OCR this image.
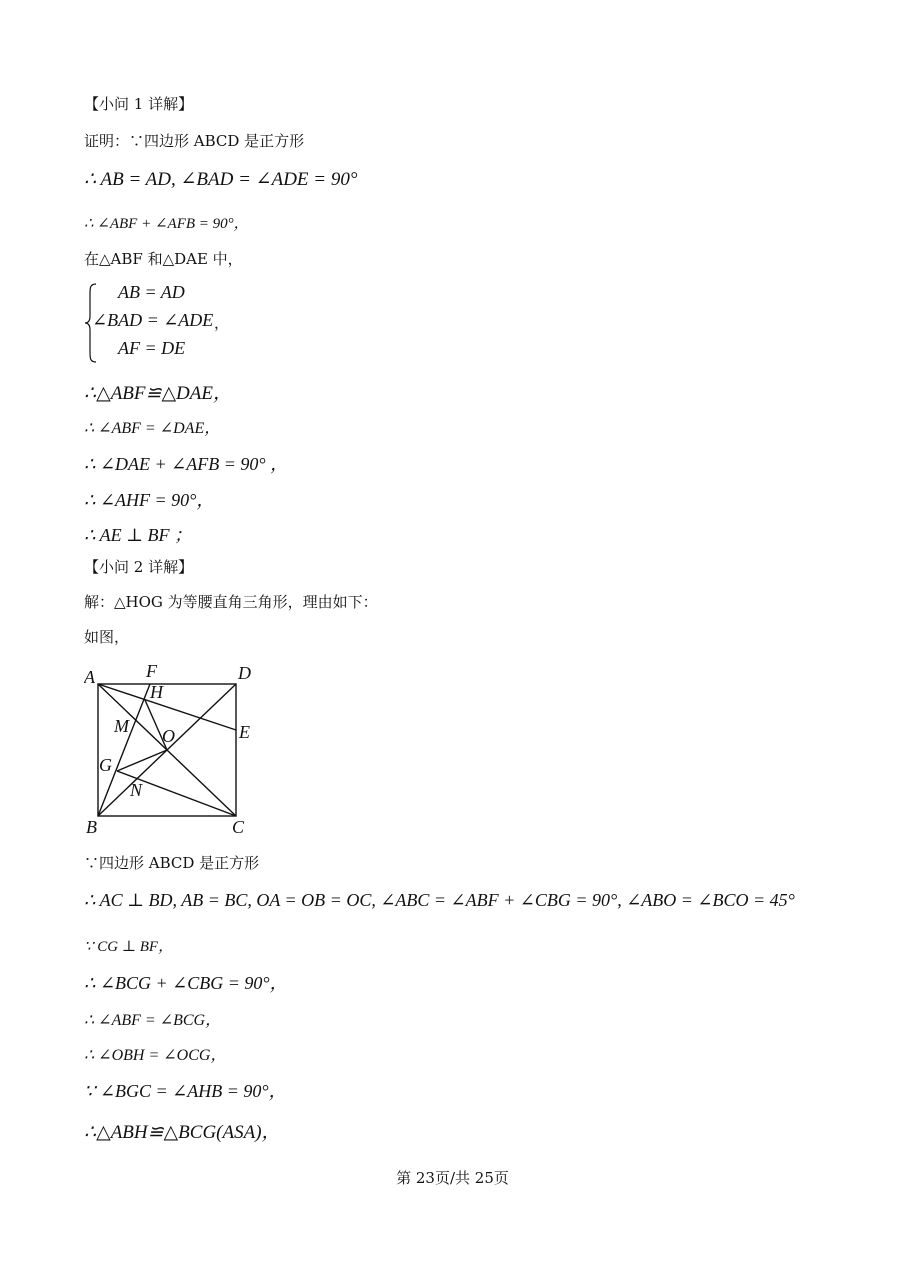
【小问 1 详解】
证明：∵四边形 ABCD 是正方形
∴ AB = AD, ∠BAD = ∠ADE = 90°
∴ ∠ABF + ∠AFB = 90°，
在△ABF 和△DAE 中，
AB = AD
∠BAD = ∠ADE ，
AF = DE
∴△ABF≌△DAE，
∴ ∠ABF = ∠DAE，
∴ ∠DAE + ∠AFB = 90° ，
∴ ∠AHF = 90°，
∴ AE ⊥ BF ；
【小问 2 详解】
解：△HOG 为等腰直角三角形，理由如下：
如图，
A	F	D
H
M O	E
G
N
B	C
∵四边形 ABCD 是正方形
∴ AC ⊥ BD, AB = BC, OA = OB = OC, ∠ABC = ∠ABF + ∠CBG = 90°, ∠ABO = ∠BCO = 45°
∵ CG ⊥ BF，
∴ ∠BCG + ∠CBG = 90°，
∴ ∠ABF = ∠BCG，
∴ ∠OBH = ∠OCG，
∵ ∠BGC = ∠AHB = 90°，
∴△ABH≌△BCG(ASA)，
第 23页/共 25页
